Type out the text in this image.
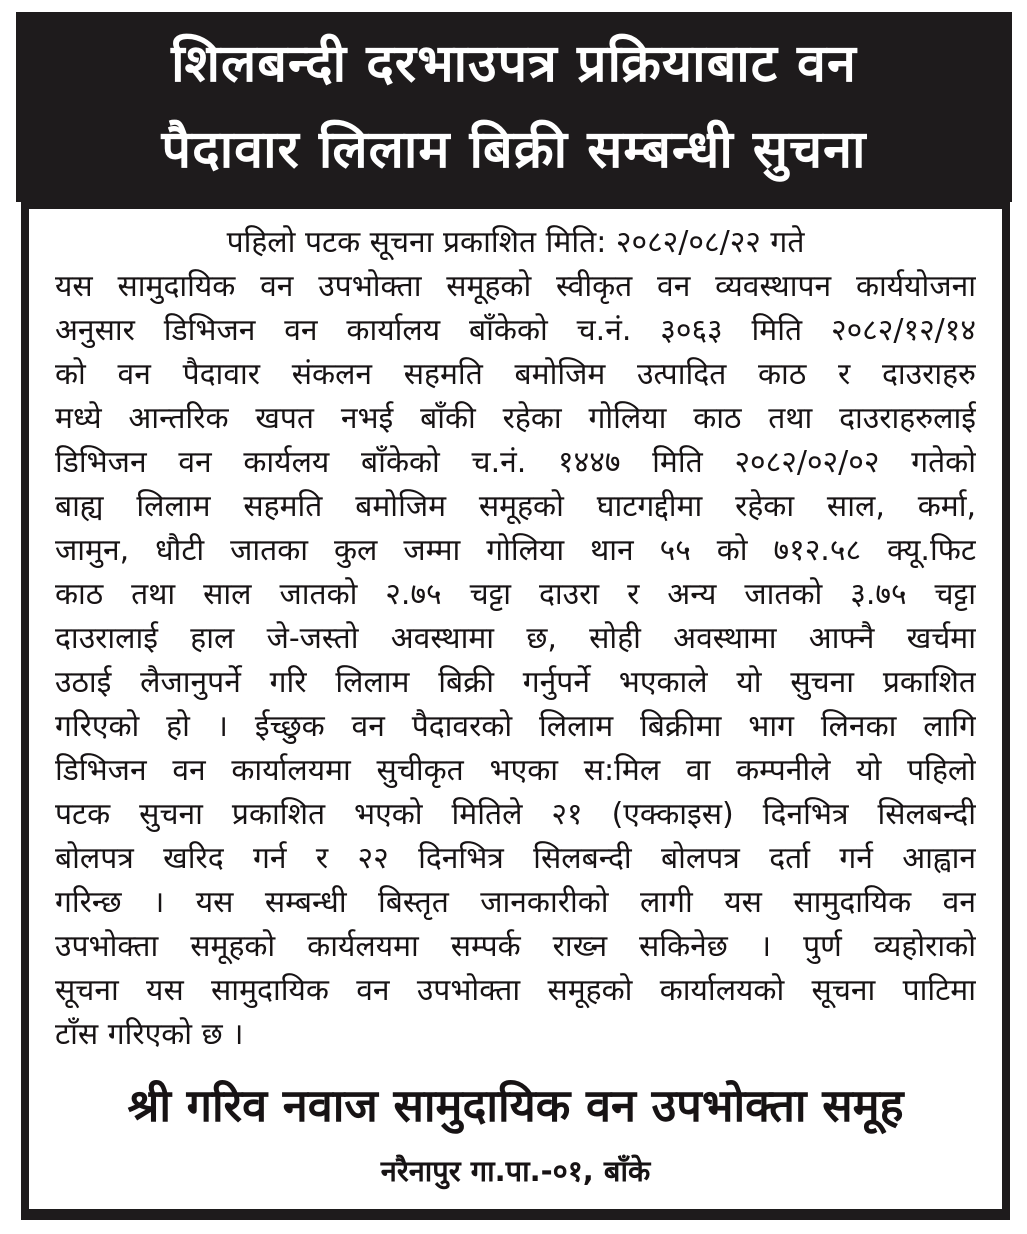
शिलबन्दी दरभाउपत्र प्रक्रियाबाट वन
पैदावार लिलाम बिक्री सम्बन्धी सुचना
पहिलो पटक सूचना प्रकाशित मिति: २०८२/०८/२२ गते
यस सामुदायिक वन उपभोक्ता समूहको स्वीकृत वन व्यवस्थापन कार्ययोजना
अनुसार डिभिजन वन कार्यालय बाँकेको च.नं. ३०६३ मिति २०८२/१२/१४
को वन पैदावार संकलन सहमति बमोजिम उत्पादित काठ र दाउराहरु
मध्ये आन्तरिक खपत नभई बाँकी रहेका गोलिया काठ तथा दाउराहरुलाई
डिभिजन वन कार्यलय बाँकेको च.नं. १४४७ मिति २०८२/०२/०२ गतेको
बाह्य लिलाम सहमति बमोजिम समूहको घाटगद्दीमा रहेका साल, कर्मा,
जामुन, धौटी जातका कुल जम्मा गोलिया थान ५५ को ७१२.५८ क्यू.फिट
काठ तथा साल जातको २.७५ चट्टा दाउरा र अन्य जातको ३.७५ चट्टा
दाउरालाई हाल जे-जस्तो अवस्थामा छ, सोही अवस्थामा आफ्नै खर्चमा
उठाई लैजानुपर्ने गरि लिलाम बिक्री गर्नुपर्ने भएकाले यो सुचना प्रकाशित
गरिएको हो । ईच्छुक वन पैदावरको लिलाम बिक्रीमा भाग लिनका लागि
डिभिजन वन कार्यालयमा सुचीकृत भएका स:मिल वा कम्पनीले यो पहिलो
पटक सुचना प्रकाशित भएको मितिले २१ (एक्काइस) दिनभित्र सिलबन्दी
बोलपत्र खरिद गर्न र २२ दिनभित्र सिलबन्दी बोलपत्र दर्ता गर्न आह्वान
गरिन्छ । यस सम्बन्धी बिस्तृत जानकारीको लागी यस सामुदायिक वन
उपभोक्ता समूहको कार्यलयमा सम्पर्क राख्न सकिनेछ । पुर्ण व्यहोराको
सूचना यस सामुदायिक वन उपभोक्ता समूहको कार्यालयको सूचना पाटिमा
टाँस गरिएको छ ।
श्री गरिव नवाज सामुदायिक वन उपभोक्ता समूह
नरैनापुर गा.पा.-०१, बाँके
